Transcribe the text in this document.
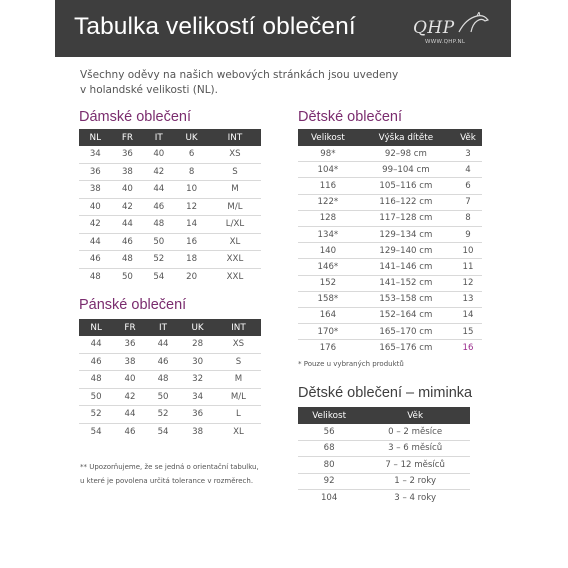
Tabulka velikostí oblečení	QHP
WWW.QHP.NL
Všechny oděvy na našich webových stránkách jsou uvedeny
v holandské velikosti (NL).
Dámské oblečení
NL	FR	IT	UK	INT
34	36	40	6	XS
36	38	42	8	S
38	40	44	10	M
40	42	46	12	M/L
42	44	48	14	L/XL
44	46	50	16	XL
46	48	52	18	XXL
48	50	54	20	XXL
Pánské oblečení
NL	FR	IT	UK	INT
44	36	44	28	XS
46	38	46	30	S
48	40	48	32	M
50	42	50	34	M/L
52	44	52	36	L
54	46	54	38	XL
Dětské oblečení
Velikost	Výška dítěte	Věk
98*	92–98 cm	3
104*	99–104 cm	4
116	105–116 cm	6
122*	116–122 cm	7
128	117–128 cm	8
134*	129–134 cm	9
140	129–140 cm	10
146*	141–146 cm	11
152	141–152 cm	12
158*	153–158 cm	13
164	152–164 cm	14
170*	165–170 cm	15
176	165–176 cm	16
* Pouze u vybraných produktů
Dětské oblečení – miminka
Velikost	Věk
56	0 – 2 měsíce
68	3 – 6 měsíců
80	7 – 12 měsíců
92	1 – 2 roky
104	3 – 4 roky
** Upozorňujeme, že se jedná o orientační tabulku,
u které je povolena určitá tolerance v rozměrech.
